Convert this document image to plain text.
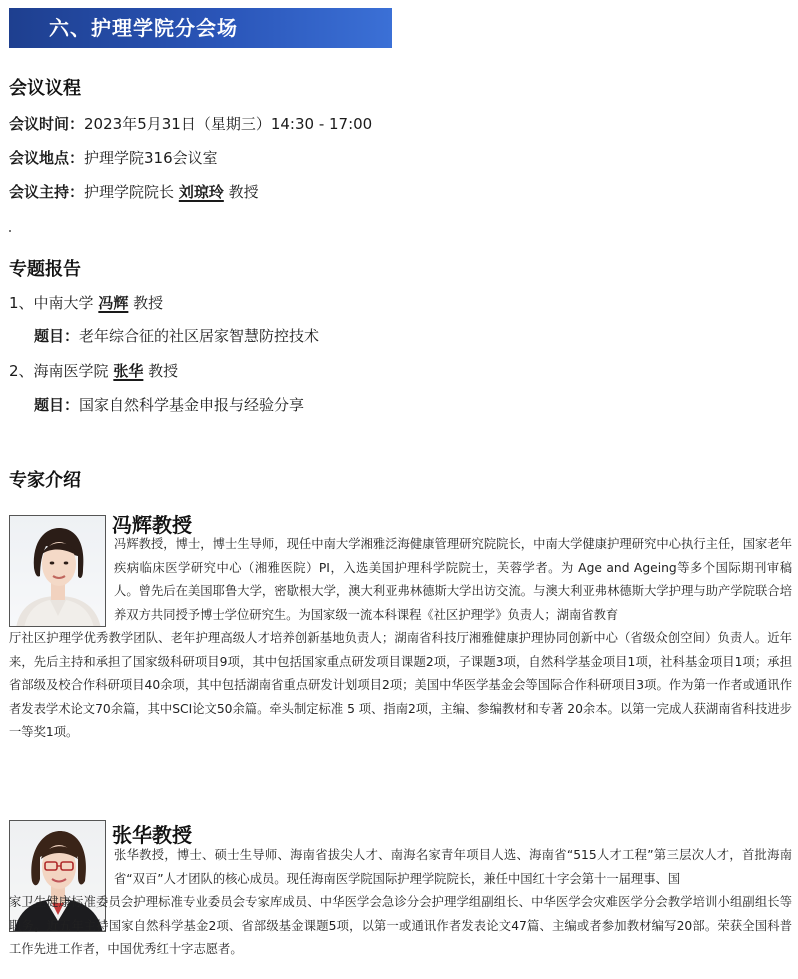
六、护理学院分会场
会议议程
会议时间：2023年5月31日（星期三）14:30 - 17:00
会议地点：护理学院316会议室
会议主持：护理学院院长 刘琼玲 教授
专题报告
1、中南大学 冯辉 教授
题目：老年综合征的社区居家智慧防控技术
2、海南医学院 张华 教授
题目：国家自然科学基金申报与经验分享
专家介绍
冯辉教授

冯辉教授，博士，博士生导师，现任中南大学湘雅泛海健康管理研究院院长，中南大学健康护理研究中心执行主任，国家老年疾病临床医学研究中心（湘雅医院）PI，入选美国护理科学院院士，芙蓉学者。为 Age and Ageing等多个国际期刊审稿人。曾先后在美国耶鲁大学，密歇根大学，澳大利亚弗林德斯大学出访交流。与澳大利亚弗林德斯大学护理与助产学院联合培养双方共同授予博士学位研究生。为国家级一流本科课程《社区护理学》负责人；湖南省教育

厅社区护理学优秀教学团队、老年护理高级人才培养创新基地负责人；湖南省科技厅湘雅健康护理协同创新中心（省级众创空间）负责人。近年来，先后主持和承担了国家级科研项目9项，其中包括国家重点研发项目课题2项，子课题3项，自然科学基金项目1项，社科基金项目1项；承担省部级及校合作科研项目40余项，其中包括湖南省重点研发计划项目2项；美国中华医学基金会等国际合作科研项目3项。作为第一作者或通讯作者发表学术论文70余篇，其中SCI论文50余篇。牵头制定标准 5 项、指南2项，主编、参编教材和专著 20余本。以第一完成人获湖南省科技进步一等奖1项。

张华教授

张华教授，博士、硕士生导师、海南省拔尖人才、南海名家青年项目人选、海南省“515人才工程”第三层次人才，首批海南省“双百”人才团队的核心成员。现任海南医学院国际护理学院院长，兼任中国红十字会第十一届理事、国

家卫生健康标准委员会护理标准专业委员会专家库成员、中华医学会急诊分会护理学组副组长、中华医学会灾难医学分会教学培训小组副组长等职务。近五年主持国家自然科学基金2项、省部级基金课题5项，以第一或通讯作者发表论文47篇、主编或者参加教材编写20部。荣获全国科普工作先进工作者，中国优秀红十字志愿者。
